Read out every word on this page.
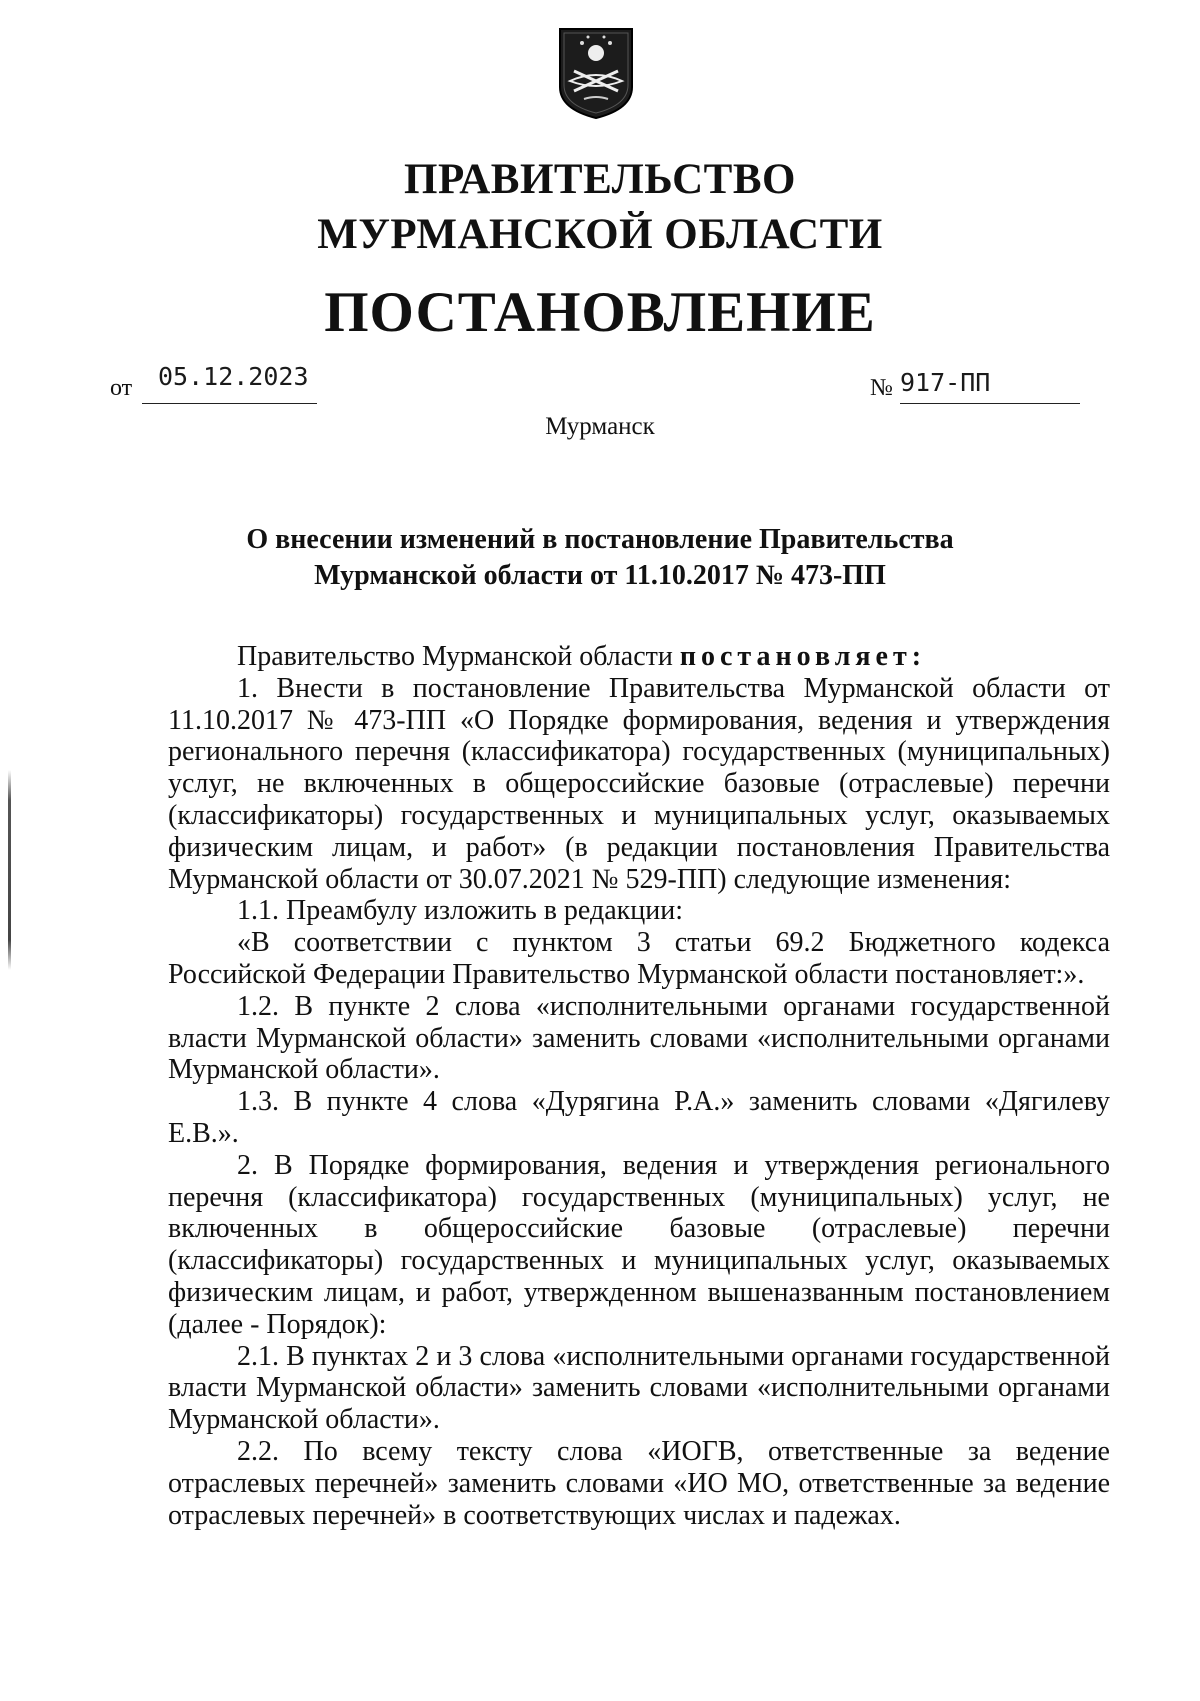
ПРАВИТЕЛЬСТВО
МУРМАНСКОЙ ОБЛАСТИ
ПОСТАНОВЛЕНИЕ
от 05.12.2023	№ 917-ПП
Мурманск
О внесении изменений в постановление Правительства
Мурманской области от 11.10.2017 № 473-ПП

Правительство Мурманской области постановляет:

1. Внести в постановление Правительства Мурманской области от 11.10.2017 № 473-ПП «О Порядке формирования, ведения и утверждения регионального перечня (классификатора) государственных (муниципальных) услуг, не включенных в общероссийские базовые (отраслевые) перечни (классификаторы) государственных и муниципальных услуг, оказываемых физическим лицам, и работ» (в редакции постановления Правительства Мурманской области от 30.07.2021 № 529-ПП) следующие изменения:

1.1. Преамбулу изложить в редакции:

«В соответствии с пунктом 3 статьи 69.2 Бюджетного кодекса Российской Федерации Правительство Мурманской области постановляет:».

1.2. В пункте 2 слова «исполнительными органами государственной власти Мурманской области» заменить словами «исполнительными органами Мурманской области».

1.3. В пункте 4 слова «Дурягина Р.А.» заменить словами «Дягилеву Е.В.».

2. В Порядке формирования, ведения и утверждения регионального перечня (классификатора) государственных (муниципальных) услуг, не включенных в общероссийские базовые (отраслевые) перечни (классификаторы) государственных и муниципальных услуг, оказываемых физическим лицам, и работ, утвержденном вышеназванным постановлением (далее - Порядок):

2.1. В пунктах 2 и 3 слова «исполнительными органами государственной власти Мурманской области» заменить словами «исполнительными органами Мурманской области».

2.2. По всему тексту слова «ИОГВ, ответственные за ведение отраслевых перечней» заменить словами «ИО МО, ответственные за ведение отраслевых перечней» в соответствующих числах и падежах.
